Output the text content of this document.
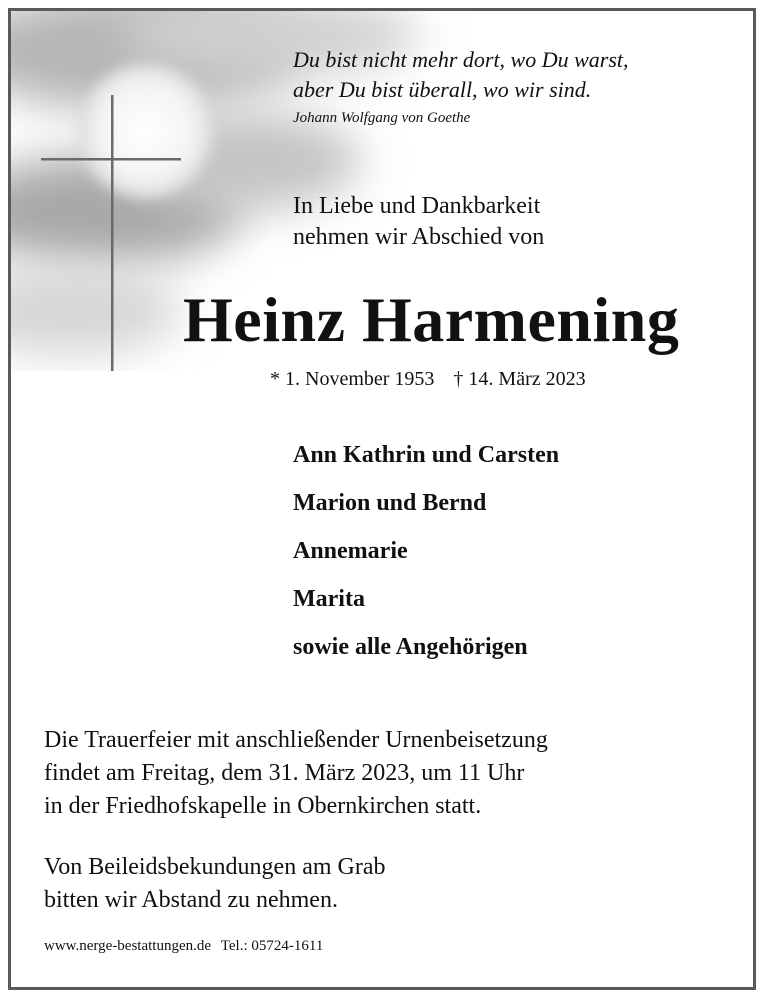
Du bist nicht mehr dort, wo Du warst,
aber Du bist überall, wo wir sind.
Johann Wolfgang von Goethe
In Liebe und Dankbarkeit
nehmen wir Abschied von
Heinz Harmening
* 1. November 1953 † 14. März 2023
Ann Kathrin und Carsten
Marion und Bernd
Annemarie
Marita
sowie alle Angehörigen
Die Trauerfeier mit anschließender Urnenbeisetzung
findet am Freitag, dem 31. März 2023, um 11 Uhr
in der Friedhofskapelle in Obernkirchen statt.
Von Beileidsbekundungen am Grab
bitten wir Abstand zu nehmen.
www.nerge-bestattungen.de Tel.: 05724-1611
